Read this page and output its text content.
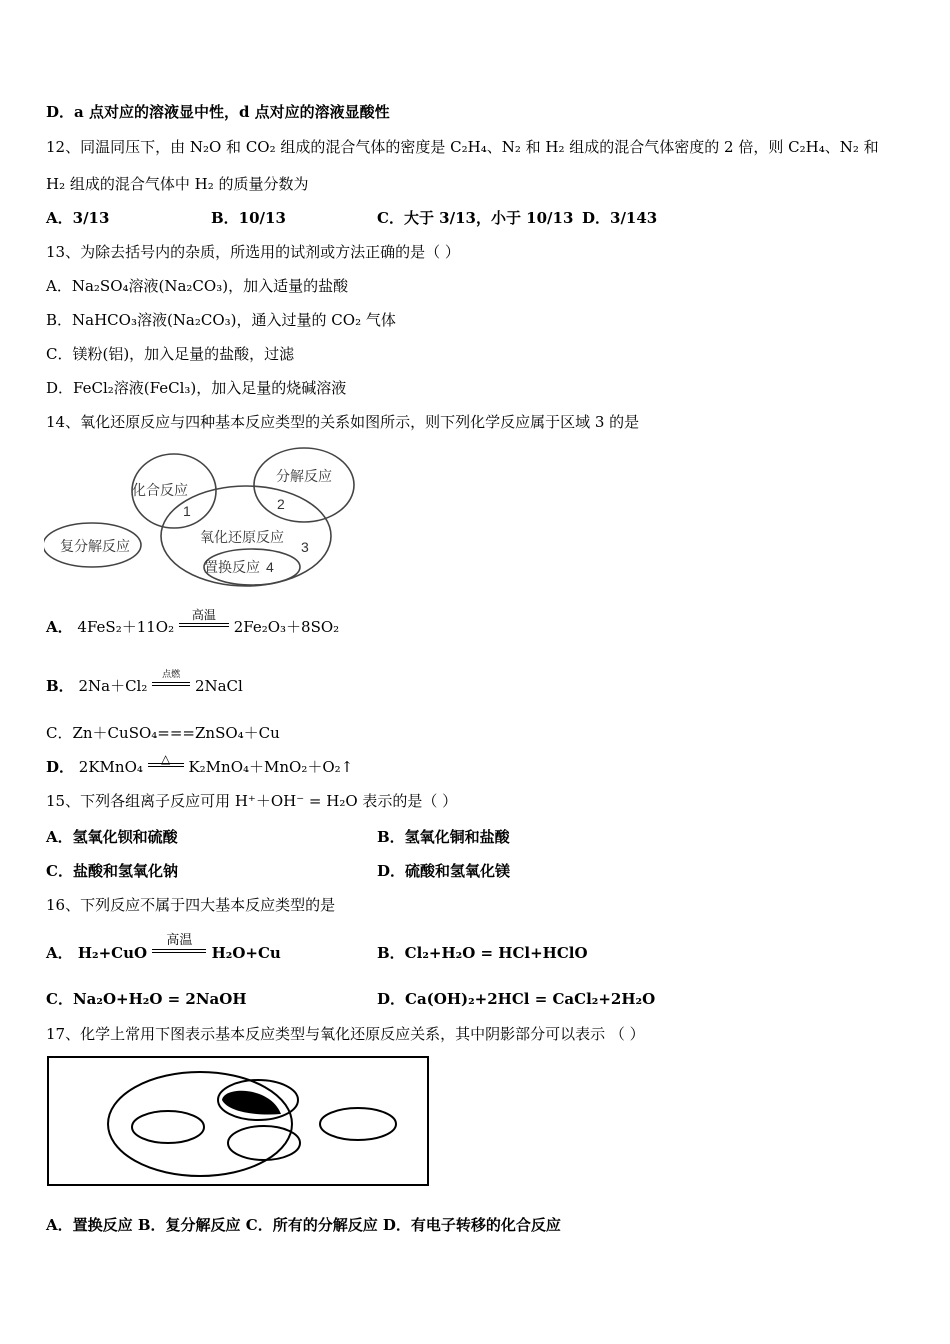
D．a 点对应的溶液显中性，d 点对应的溶液显酸性
12、同温同压下，由 N₂O 和 CO₂ 组成的混合气体的密度是 C₂H₄、N₂ 和 H₂ 组成的混合气体密度的 2 倍，则 C₂H₄、N₂ 和
H₂ 组成的混合气体中 H₂ 的质量分数为
A．3/13	B．10/13	C．大于 3/13，小于 10/13 D．3/143
13、为除去括号内的杂质，所选用的试剂或方法正确的是（ ）
A．Na₂SO₄溶液(Na₂CO₃)，加入适量的盐酸
B．NaHCO₃溶液(Na₂CO₃)，通入过量的 CO₂ 气体
C．镁粉(铝)，加入足量的盐酸，过滤
D．FeCl₂溶液(FeCl₃)，加入足量的烧碱溶液
14、氧化还原反应与四种基本反应类型的关系如图所示，则下列化学反应属于区域 3 的是
化合反应
分解反应
复分解反应
氧化还原反应
置换反应
1	2
3
4
A． 4FeS₂＋11O₂
高温
2Fe₂O₃＋8SO₂
B． 2Na＋Cl₂
点燃
2NaCl
C．Zn＋CuSO₄===ZnSO₄＋Cu
D． 2KMnO₄	△	K₂MnO₄＋MnO₂＋O₂↑
15、下列各组离子反应可用 H⁺＋OH⁻ = H₂O 表示的是（ ）
A．氢氧化钡和硫酸	B．氢氧化铜和盐酸
C．盐酸和氢氧化钠	D．硫酸和氢氧化镁
16、下列反应不属于四大基本反应类型的是
A． H₂+CuO
高温
H₂O+Cu	B．Cl₂+H₂O = HCl+HClO
C．Na₂O+H₂O = 2NaOH	D．Ca(OH)₂+2HCl = CaCl₂+2H₂O
17、化学上常用下图表示基本反应类型与氧化还原反应关系，其中阴影部分可以表示 （ ）
A．置换反应 B．复分解反应 C．所有的分解反应 D．有电子转移的化合反应
